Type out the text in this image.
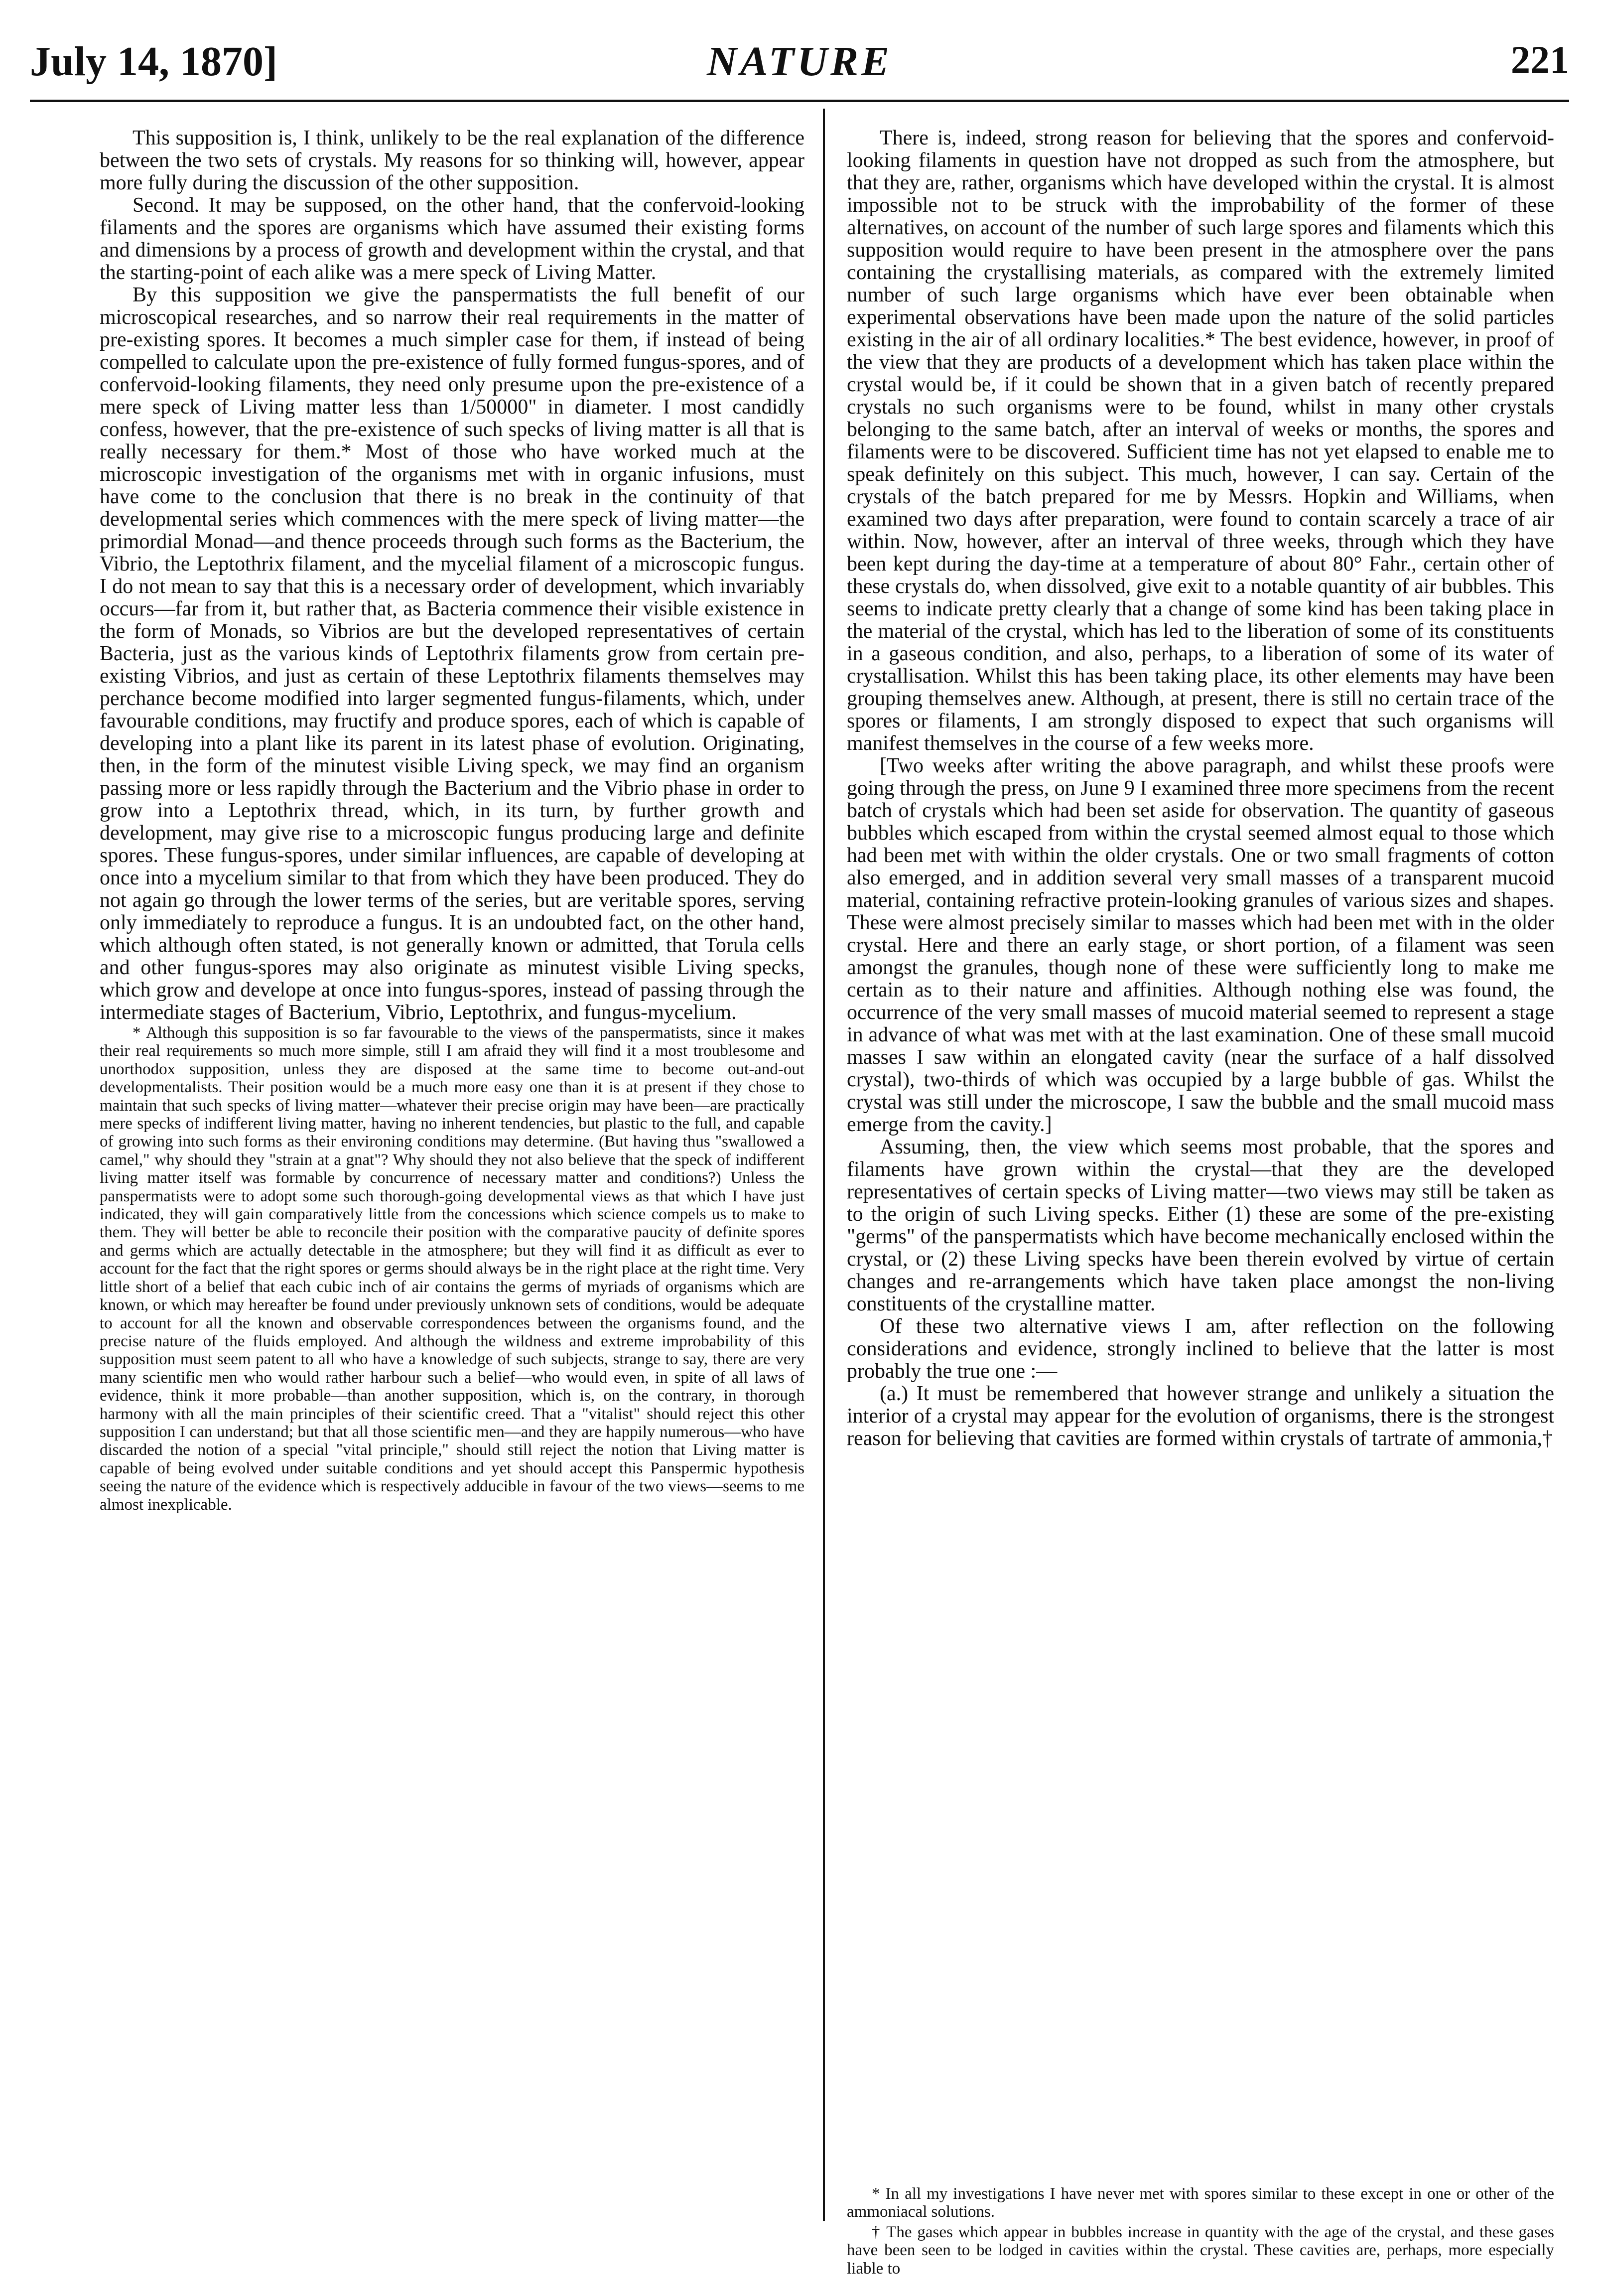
July 14, 1870]	NATURE	221

This supposition is, I think, unlikely to be the real explanation of the difference between the two sets of crystals. My reasons for so thinking will, however, appear more fully during the discussion of the other supposition.

Second. It may be supposed, on the other hand, that the confervoid-looking filaments and the spores are organisms which have assumed their existing forms and dimensions by a process of growth and development within the crystal, and that the starting-point of each alike was a mere speck of Living Matter.

By this supposition we give the panspermatists the full benefit of our microscopical researches, and so narrow their real requirements in the matter of pre-existing spores. It becomes a much simpler case for them, if instead of being compelled to calculate upon the pre-existence of fully formed fungus-spores, and of confervoid-looking filaments, they need only presume upon the pre-existence of a mere speck of Living matter less than 1/50000" in diameter. I most candidly confess, however, that the pre-existence of such specks of living matter is all that is really necessary for them.* Most of those who have worked much at the microscopic investigation of the organisms met with in organic infusions, must have come to the conclusion that there is no break in the continuity of that developmental series which commences with the mere speck of living matter—the primordial Monad—and thence proceeds through such forms as the Bacterium, the Vibrio, the Leptothrix filament, and the mycelial filament of a microscopic fungus. I do not mean to say that this is a necessary order of development, which invariably occurs—far from it, but rather that, as Bacteria commence their visible existence in the form of Monads, so Vibrios are but the developed representatives of certain Bacteria, just as the various kinds of Leptothrix filaments grow from certain pre-existing Vibrios, and just as certain of these Leptothrix filaments themselves may perchance become modified into larger segmented fungus-filaments, which, under favourable conditions, may fructify and produce spores, each of which is capable of developing into a plant like its parent in its latest phase of evolution. Originating, then, in the form of the minutest visible Living speck, we may find an organism passing more or less rapidly through the Bacterium and the Vibrio phase in order to grow into a Leptothrix thread, which, in its turn, by further growth and development, may give rise to a microscopic fungus producing large and definite spores. These fungus-spores, under similar influences, are capable of developing at once into a mycelium similar to that from which they have been produced. They do not again go through the lower terms of the series, but are veritable spores, serving only immediately to reproduce a fungus. It is an undoubted fact, on the other hand, which although often stated, is not generally known or admitted, that Torula cells and other fungus-spores may also originate as minutest visible Living specks, which grow and develope at once into fungus-spores, instead of passing through the intermediate stages of Bacterium, Vibrio, Leptothrix, and fungus-mycelium.

* Although this supposition is so far favourable to the views of the panspermatists, since it makes their real requirements so much more simple, still I am afraid they will find it a most troublesome and unorthodox supposition, unless they are disposed at the same time to become out-and-out developmentalists. Their position would be a much more easy one than it is at present if they chose to maintain that such specks of living matter—whatever their precise origin may have been—are practically mere specks of indifferent living matter, having no inherent tendencies, but plastic to the full, and capable of growing into such forms as their environing conditions may determine. (But having thus "swallowed a camel," why should they "strain at a gnat"? Why should they not also believe that the speck of indifferent living matter itself was formable by concurrence of necessary matter and conditions?) Unless the panspermatists were to adopt some such thorough-going developmental views as that which I have just indicated, they will gain comparatively little from the concessions which science compels us to make to them. They will better be able to reconcile their position with the comparative paucity of definite spores and germs which are actually detectable in the atmosphere; but they will find it as difficult as ever to account for the fact that the right spores or germs should always be in the right place at the right time. Very little short of a belief that each cubic inch of air contains the germs of myriads of organisms which are known, or which may hereafter be found under previously unknown sets of conditions, would be adequate to account for all the known and observable correspondences between the organisms found, and the precise nature of the fluids employed. And although the wildness and extreme improbability of this supposition must seem patent to all who have a knowledge of such subjects, strange to say, there are very many scientific men who would rather harbour such a belief—who would even, in spite of all laws of evidence, think it more probable—than another supposition, which is, on the contrary, in thorough harmony with all the main principles of their scientific creed. That a "vitalist" should reject this other supposition I can understand; but that all those scientific men—and they are happily numerous—who have discarded the notion of a special "vital principle," should still reject the notion that Living matter is capable of being evolved under suitable conditions and yet should accept this Panspermic hypothesis seeing the nature of the evidence which is respectively adducible in favour of the two views—seems to me almost inexplicable.

There is, indeed, strong reason for believing that the spores and confervoid-looking filaments in question have not dropped as such from the atmosphere, but that they are, rather, organisms which have developed within the crystal. It is almost impossible not to be struck with the improbability of the former of these alternatives, on account of the number of such large spores and filaments which this supposition would require to have been present in the atmosphere over the pans containing the crystallising materials, as compared with the extremely limited number of such large organisms which have ever been obtainable when experimental observations have been made upon the nature of the solid particles existing in the air of all ordinary localities.* The best evidence, however, in proof of the view that they are products of a development which has taken place within the crystal would be, if it could be shown that in a given batch of recently prepared crystals no such organisms were to be found, whilst in many other crystals belonging to the same batch, after an interval of weeks or months, the spores and filaments were to be discovered. Sufficient time has not yet elapsed to enable me to speak definitely on this subject. This much, however, I can say. Certain of the crystals of the batch prepared for me by Messrs. Hopkin and Williams, when examined two days after preparation, were found to contain scarcely a trace of air within. Now, however, after an interval of three weeks, through which they have been kept during the day-time at a temperature of about 80° Fahr., certain other of these crystals do, when dissolved, give exit to a notable quantity of air bubbles. This seems to indicate pretty clearly that a change of some kind has been taking place in the material of the crystal, which has led to the liberation of some of its constituents in a gaseous condition, and also, perhaps, to a liberation of some of its water of crystallisation. Whilst this has been taking place, its other elements may have been grouping themselves anew. Although, at present, there is still no certain trace of the spores or filaments, I am strongly disposed to expect that such organisms will manifest themselves in the course of a few weeks more.

[Two weeks after writing the above paragraph, and whilst these proofs were going through the press, on June 9 I examined three more specimens from the recent batch of crystals which had been set aside for observation. The quantity of gaseous bubbles which escaped from within the crystal seemed almost equal to those which had been met with within the older crystals. One or two small fragments of cotton also emerged, and in addition several very small masses of a transparent mucoid material, containing refractive protein-looking granules of various sizes and shapes. These were almost precisely similar to masses which had been met with in the older crystal. Here and there an early stage, or short portion, of a filament was seen amongst the granules, though none of these were sufficiently long to make me certain as to their nature and affinities. Although nothing else was found, the occurrence of the very small masses of mucoid material seemed to represent a stage in advance of what was met with at the last examination. One of these small mucoid masses I saw within an elongated cavity (near the surface of a half dissolved crystal), two-thirds of which was occupied by a large bubble of gas. Whilst the crystal was still under the microscope, I saw the bubble and the small mucoid mass emerge from the cavity.]

Assuming, then, the view which seems most probable, that the spores and filaments have grown within the crystal—that they are the developed representatives of certain specks of Living matter—two views may still be taken as to the origin of such Living specks. Either (1) these are some of the pre-existing "germs" of the panspermatists which have become mechanically enclosed within the crystal, or (2) these Living specks have been therein evolved by virtue of certain changes and re-arrangements which have taken place amongst the non-living constituents of the crystalline matter.

Of these two alternative views I am, after reflection on the following considerations and evidence, strongly inclined to believe that the latter is most probably the true one :—

(a.) It must be remembered that however strange and unlikely a situation the interior of a crystal may appear for the evolution of organisms, there is the strongest reason for believing that cavities are formed within crystals of tartrate of ammonia,†

* In all my investigations I have never met with spores similar to these except in one or other of the ammoniacal solutions.

† The gases which appear in bubbles increase in quantity with the age of the crystal, and these gases have been seen to be lodged in cavities within the crystal. These cavities are, perhaps, more especially liable to
